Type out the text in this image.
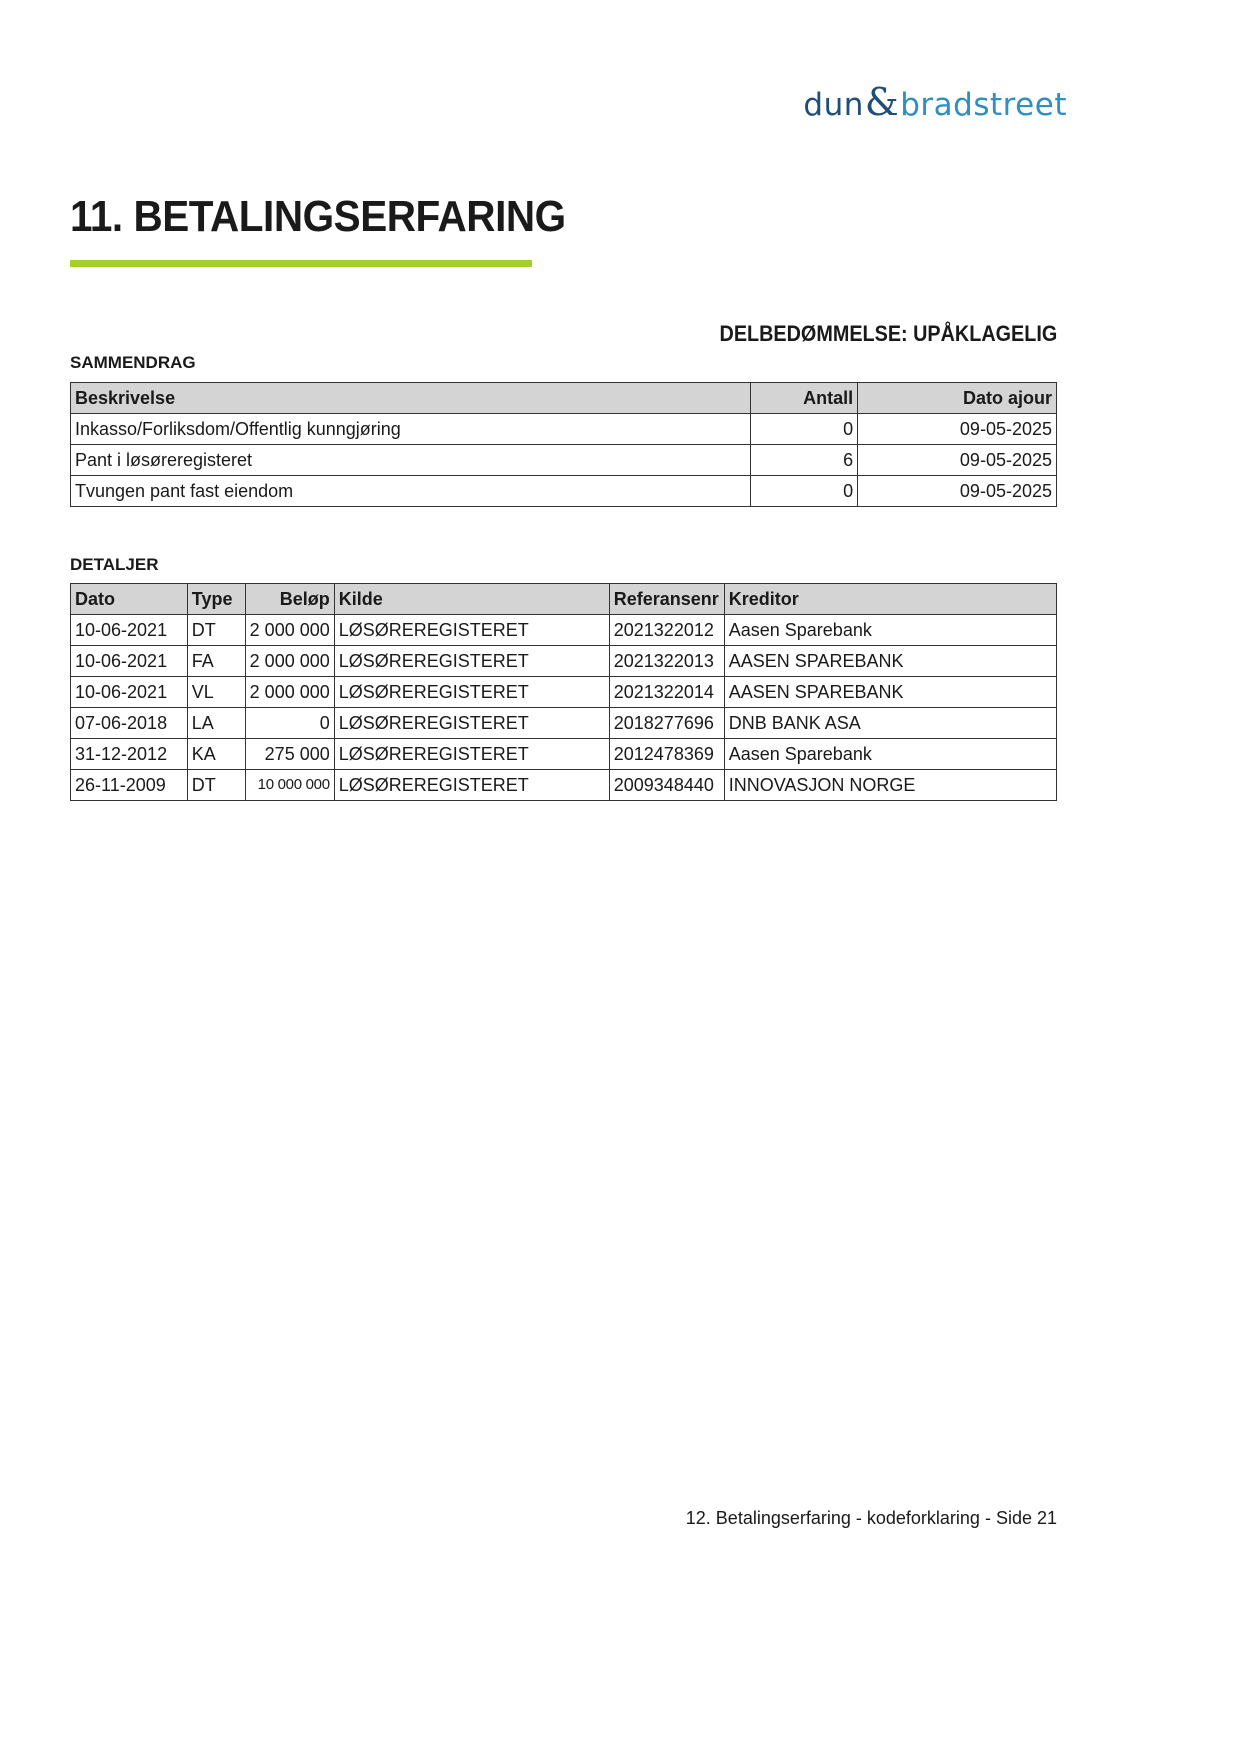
dun & bradstreet
11. BETALINGSERFARING
DELBEDØMMELSE: UPÅKLAGELIG
SAMMENDRAG
Beskrivelse	Antall	Dato ajour
Inkasso/Forliksdom/Offentlig kunngjøring	0	09-05-2025
Pant i løsøreregisteret	6	09-05-2025
Tvungen pant fast eiendom	0	09-05-2025
DETALJER
Dato	Type	Beløp	Kilde	Referansenr	Kreditor
10-06-2021	DT	2 000 000	LØSØREREGISTERET	2021322012	Aasen Sparebank
10-06-2021	FA	2 000 000	LØSØREREGISTERET	2021322013	AASEN SPAREBANK
10-06-2021	VL	2 000 000	LØSØREREGISTERET	2021322014	AASEN SPAREBANK
07-06-2018	LA	0	LØSØREREGISTERET	2018277696	DNB BANK ASA
31-12-2012	KA	275 000	LØSØREREGISTERET	2012478369	Aasen Sparebank
26-11-2009	DT	10 000 000	LØSØREREGISTERET	2009348440	INNOVASJON NORGE
12. Betalingserfaring - kodeforklaring - Side 21
